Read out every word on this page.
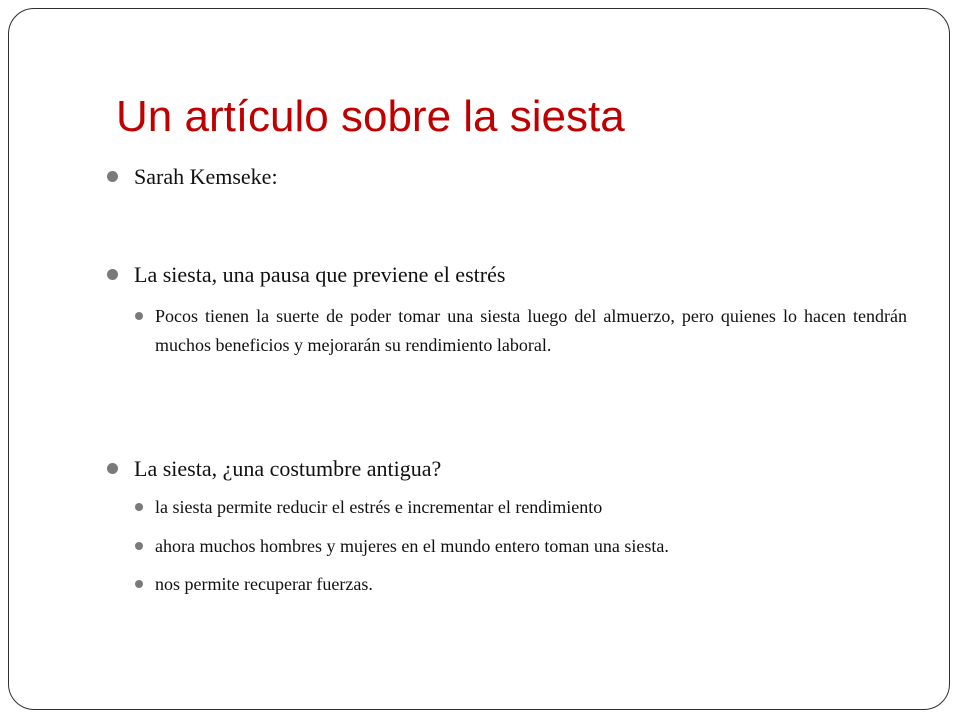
Un artículo sobre la siesta
Sarah Kemseke:
La siesta, una pausa que previene el estrés
Pocos tienen la suerte de poder tomar una siesta luego del almuerzo, pero quienes lo hacen tendrán muchos beneficios y mejorarán su rendimiento laboral.
La siesta, ¿una costumbre antigua?
la siesta permite reducir el estrés e incrementar el rendimiento
ahora muchos hombres y mujeres en el mundo entero toman una siesta.
nos permite recuperar fuerzas.
